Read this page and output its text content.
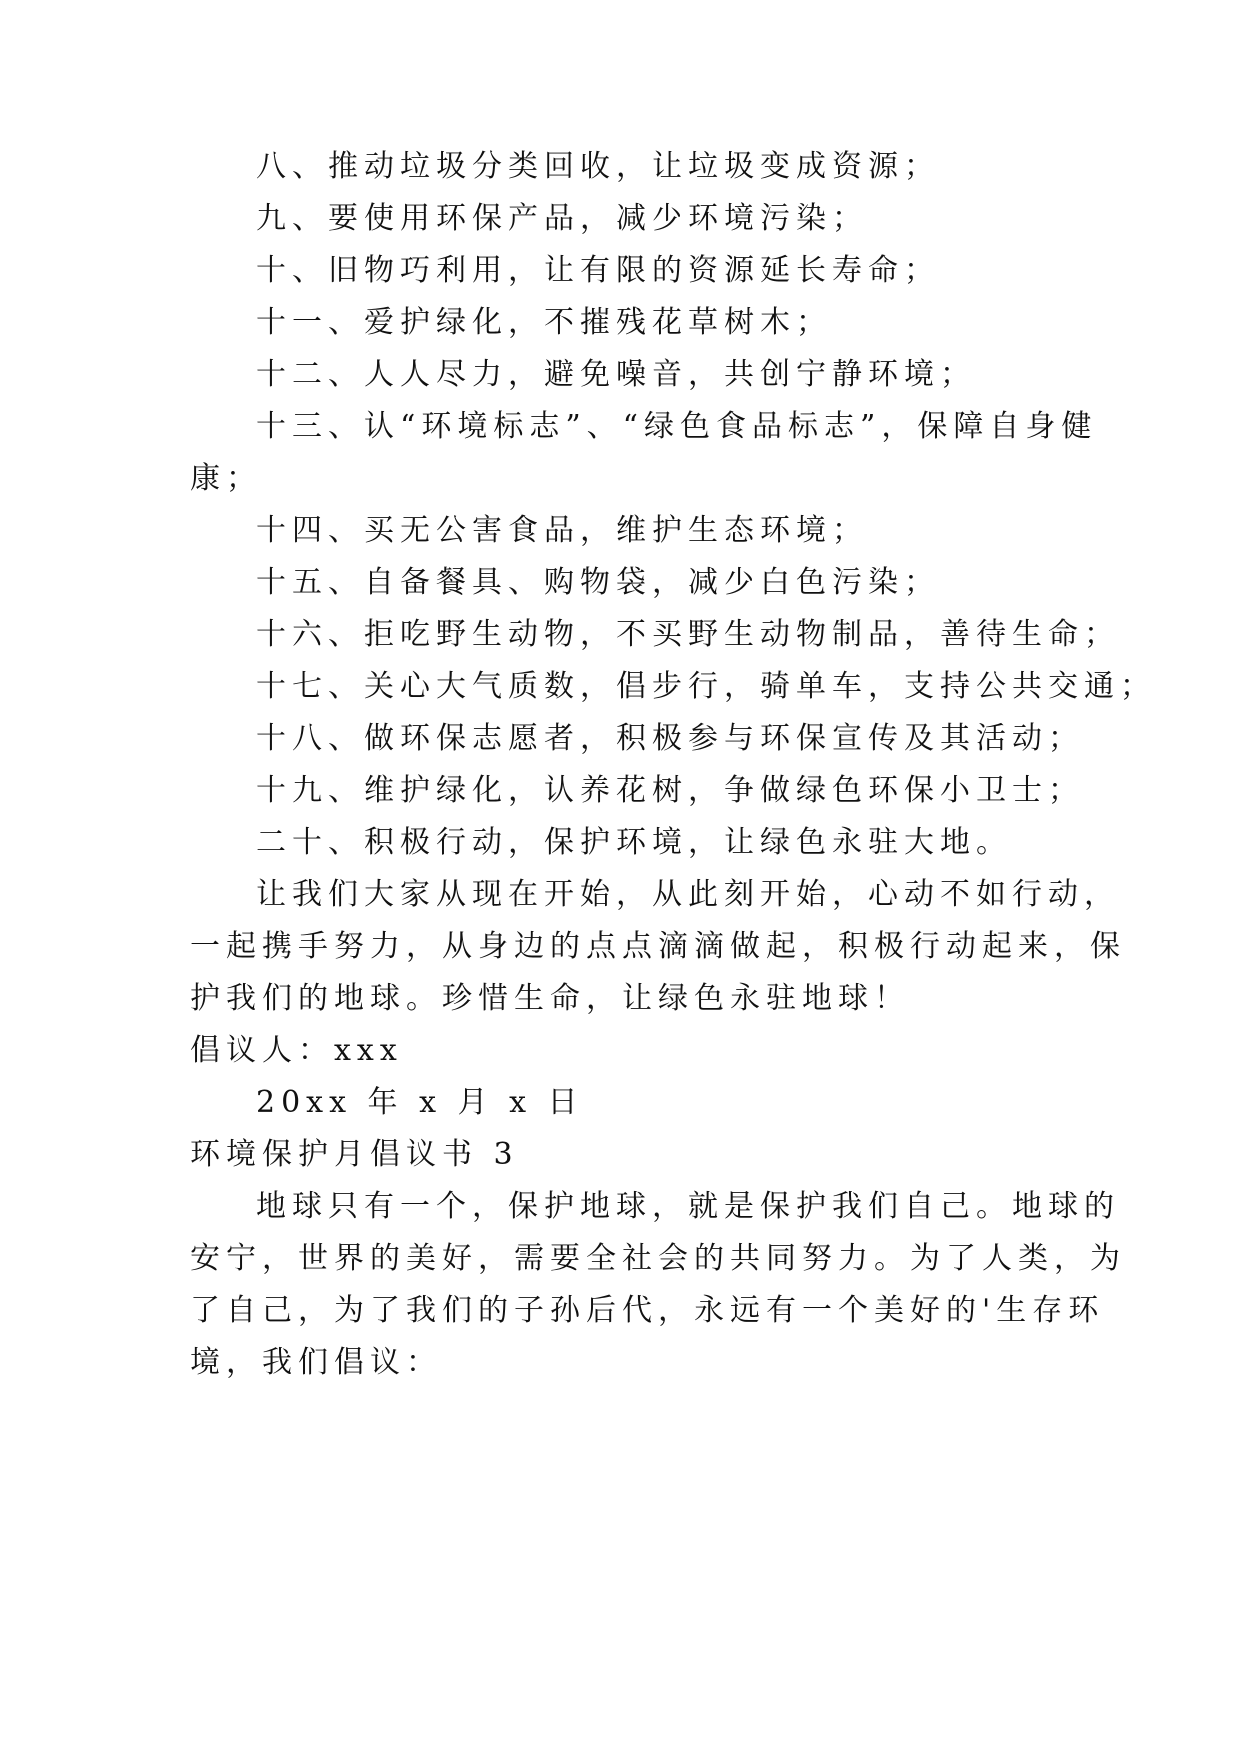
八、推动垃圾分类回收，让垃圾变成资源；
九、要使用环保产品，减少环境污染；
十、旧物巧利用，让有限的资源延长寿命；
十一、爱护绿化，不摧残花草树木；
十二、人人尽力，避免噪音，共创宁静环境；
十三、认“环境标志”、“绿色食品标志”，保障自身健
康；
十四、买无公害食品，维护生态环境；
十五、自备餐具、购物袋，减少白色污染；
十六、拒吃野生动物，不买野生动物制品，善待生命；
十七、关心大气质数，倡步行，骑单车，支持公共交通；
十八、做环保志愿者，积极参与环保宣传及其活动；
十九、维护绿化，认养花树，争做绿色环保小卫士；
二十、积极行动，保护环境，让绿色永驻大地。
让我们大家从现在开始，从此刻开始，心动不如行动，
一起携手努力，从身边的点点滴滴做起，积极行动起来，保
护我们的地球。珍惜生命，让绿色永驻地球！
倡议人：xxx
20xx 年 x 月 x 日
环境保护月倡议书 3
地球只有一个，保护地球，就是保护我们自己。地球的
安宁，世界的美好，需要全社会的共同努力。为了人类，为
了自己，为了我们的子孙后代，永远有一个美好的'生存环
境，我们倡议：
